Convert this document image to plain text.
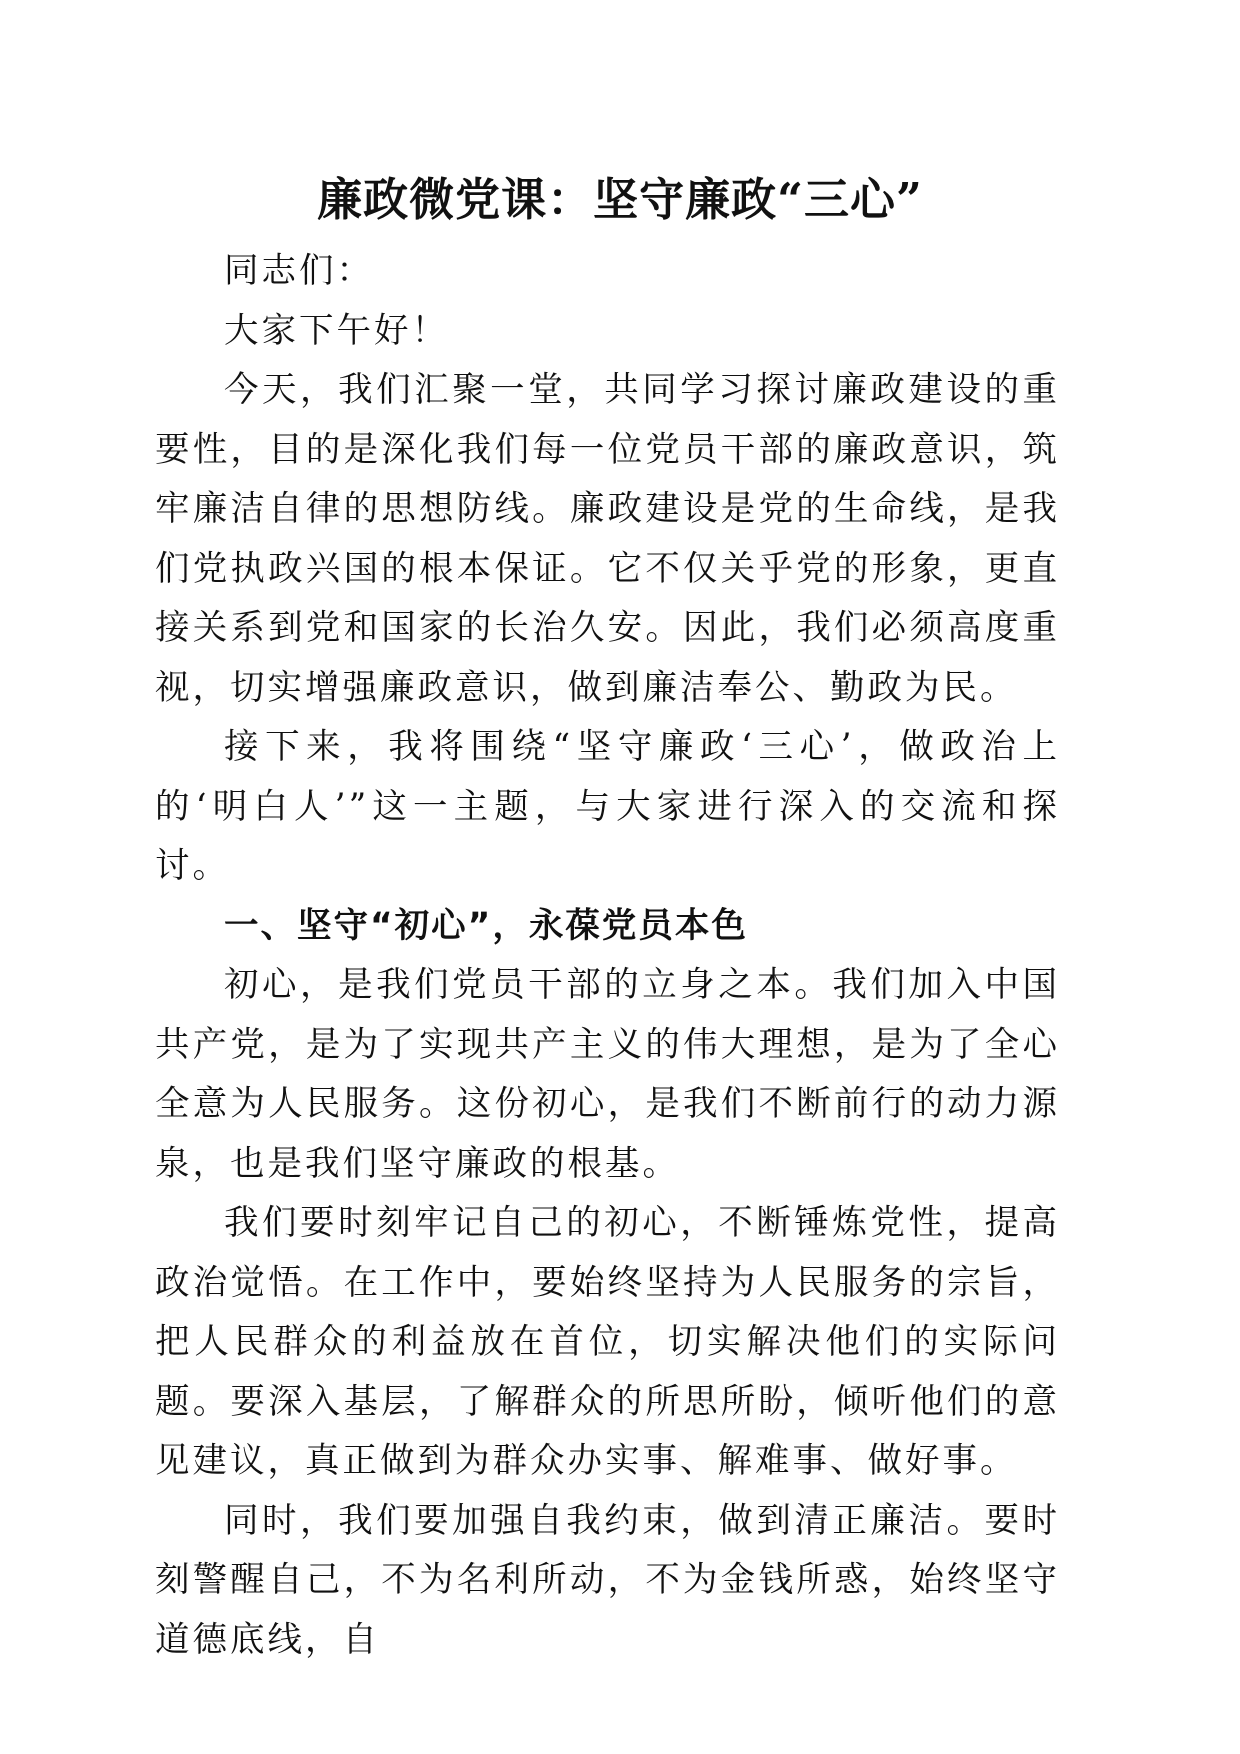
廉政微党课：坚守廉政“三心”

同志们：

大家下午好！

今天，我们汇聚一堂，共同学习探讨廉政建设的重要性，目的是深化我们每一位党员干部的廉政意识，筑牢廉洁自律的思想防线。廉政建设是党的生命线，是我们党执政兴国的根本保证。它不仅关乎党的形象，更直接关系到党和国家的长治久安。因此，我们必须高度重视，切实增强廉政意识，做到廉洁奉公、勤政为民。

接下来，我将围绕“坚守廉政‘三心’，做政治上的‘明白人’”这一主题，与大家进行深入的交流和探讨。

一、坚守“初心”，永葆党员本色

初心，是我们党员干部的立身之本。我们加入中国共产党，是为了实现共产主义的伟大理想，是为了全心全意为人民服务。这份初心，是我们不断前行的动力源泉，也是我们坚守廉政的根基。

我们要时刻牢记自己的初心，不断锤炼党性，提高政治觉悟。在工作中，要始终坚持为人民服务的宗旨，把人民群众的利益放在首位，切实解决他们的实际问题。要深入基层，了解群众的所思所盼，倾听他们的意见建议，真正做到为群众办实事、解难事、做好事。

同时，我们要加强自我约束，做到清正廉洁。要时刻警醒自己，不为名利所动，不为金钱所惑，始终坚守道德底线，自
